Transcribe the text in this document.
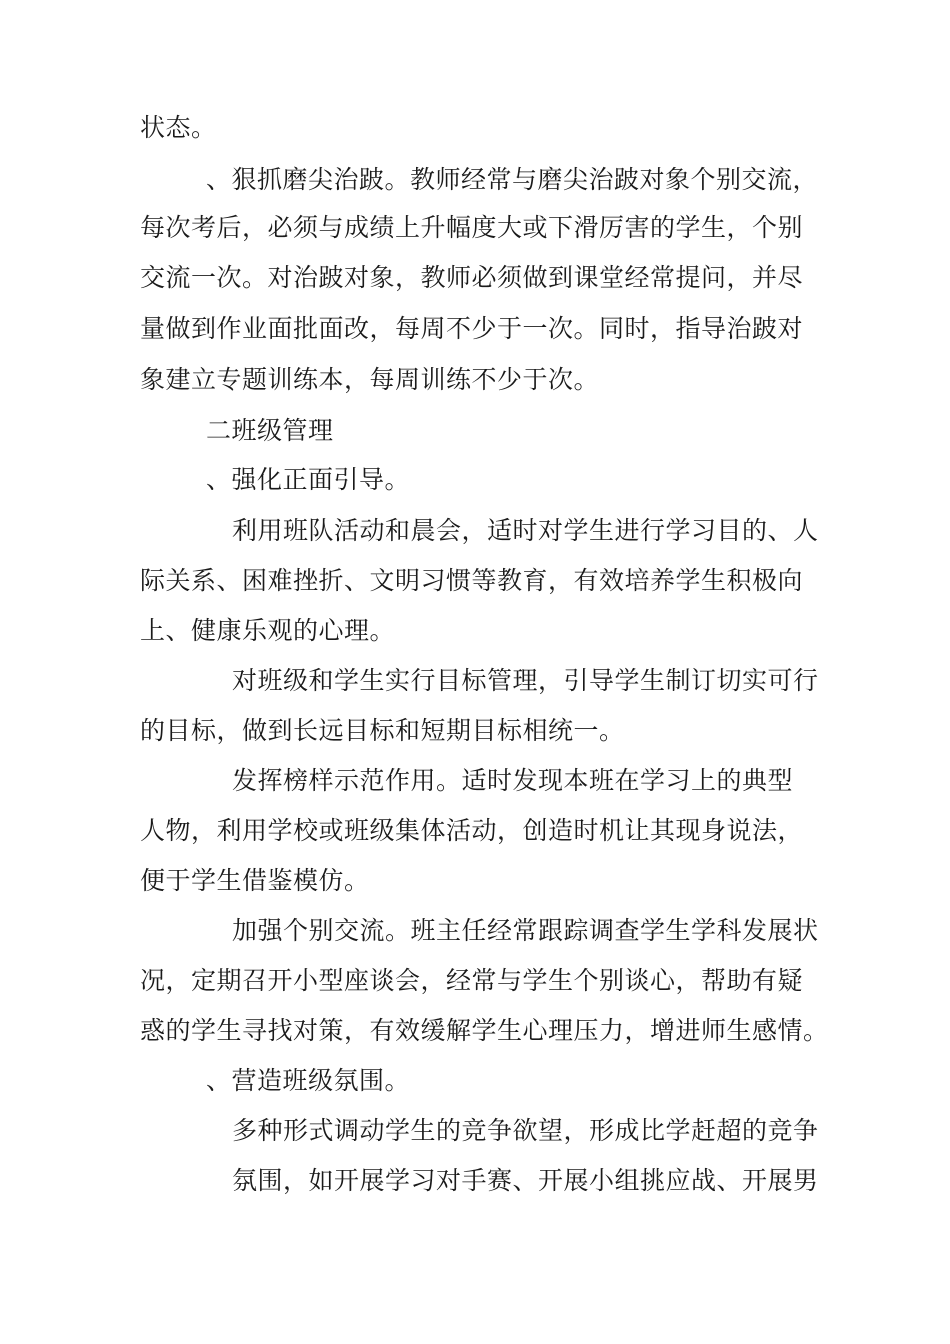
状态。
、狠抓磨尖治跛。教师经常与磨尖治跛对象个别交流，
每次考后，必须与成绩上升幅度大或下滑厉害的学生，个别
交流一次。对治跛对象，教师必须做到课堂经常提问，并尽
量做到作业面批面改，每周不少于一次。同时，指导治跛对
象建立专题训练本，每周训练不少于次。
二班级管理
、强化正面引导。
利用班队活动和晨会，适时对学生进行学习目的、人
际关系、困难挫折、文明习惯等教育，有效培养学生积极向
上、健康乐观的心理。
对班级和学生实行目标管理，引导学生制订切实可行
的目标，做到长远目标和短期目标相统一。
发挥榜样示范作用。适时发现本班在学习上的典型
人物，利用学校或班级集体活动，创造时机让其现身说法，
便于学生借鉴模仿。
加强个别交流。班主任经常跟踪调查学生学科发展状
况，定期召开小型座谈会，经常与学生个别谈心，帮助有疑
惑的学生寻找对策，有效缓解学生心理压力，增进师生感情。
、营造班级氛围。
多种形式调动学生的竞争欲望，形成比学赶超的竞争
氛围，如开展学习对手赛、开展小组挑应战、开展男
